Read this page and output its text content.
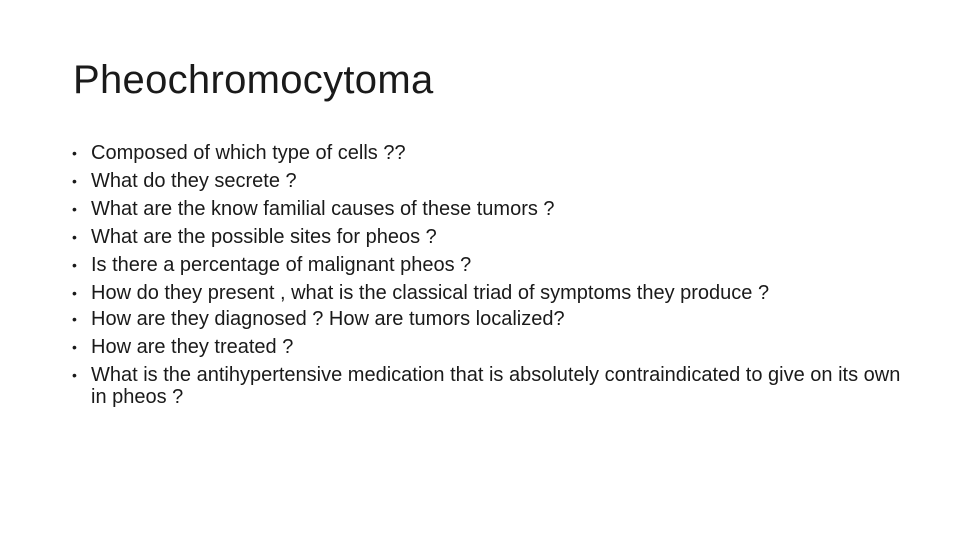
Pheochromocytoma
• Composed of which type of cells ??
• What do they secrete ?
• What are the know familial causes of these tumors ?
• What are the possible sites for pheos ?
• Is there a percentage of malignant pheos ?
• How do they present , what is the classical triad of symptoms they produce ?
• How are they diagnosed ? How are tumors localized?
• How are they treated ?
• What is the antihypertensive medication that is absolutely contraindicated to give on its own in pheos ?
